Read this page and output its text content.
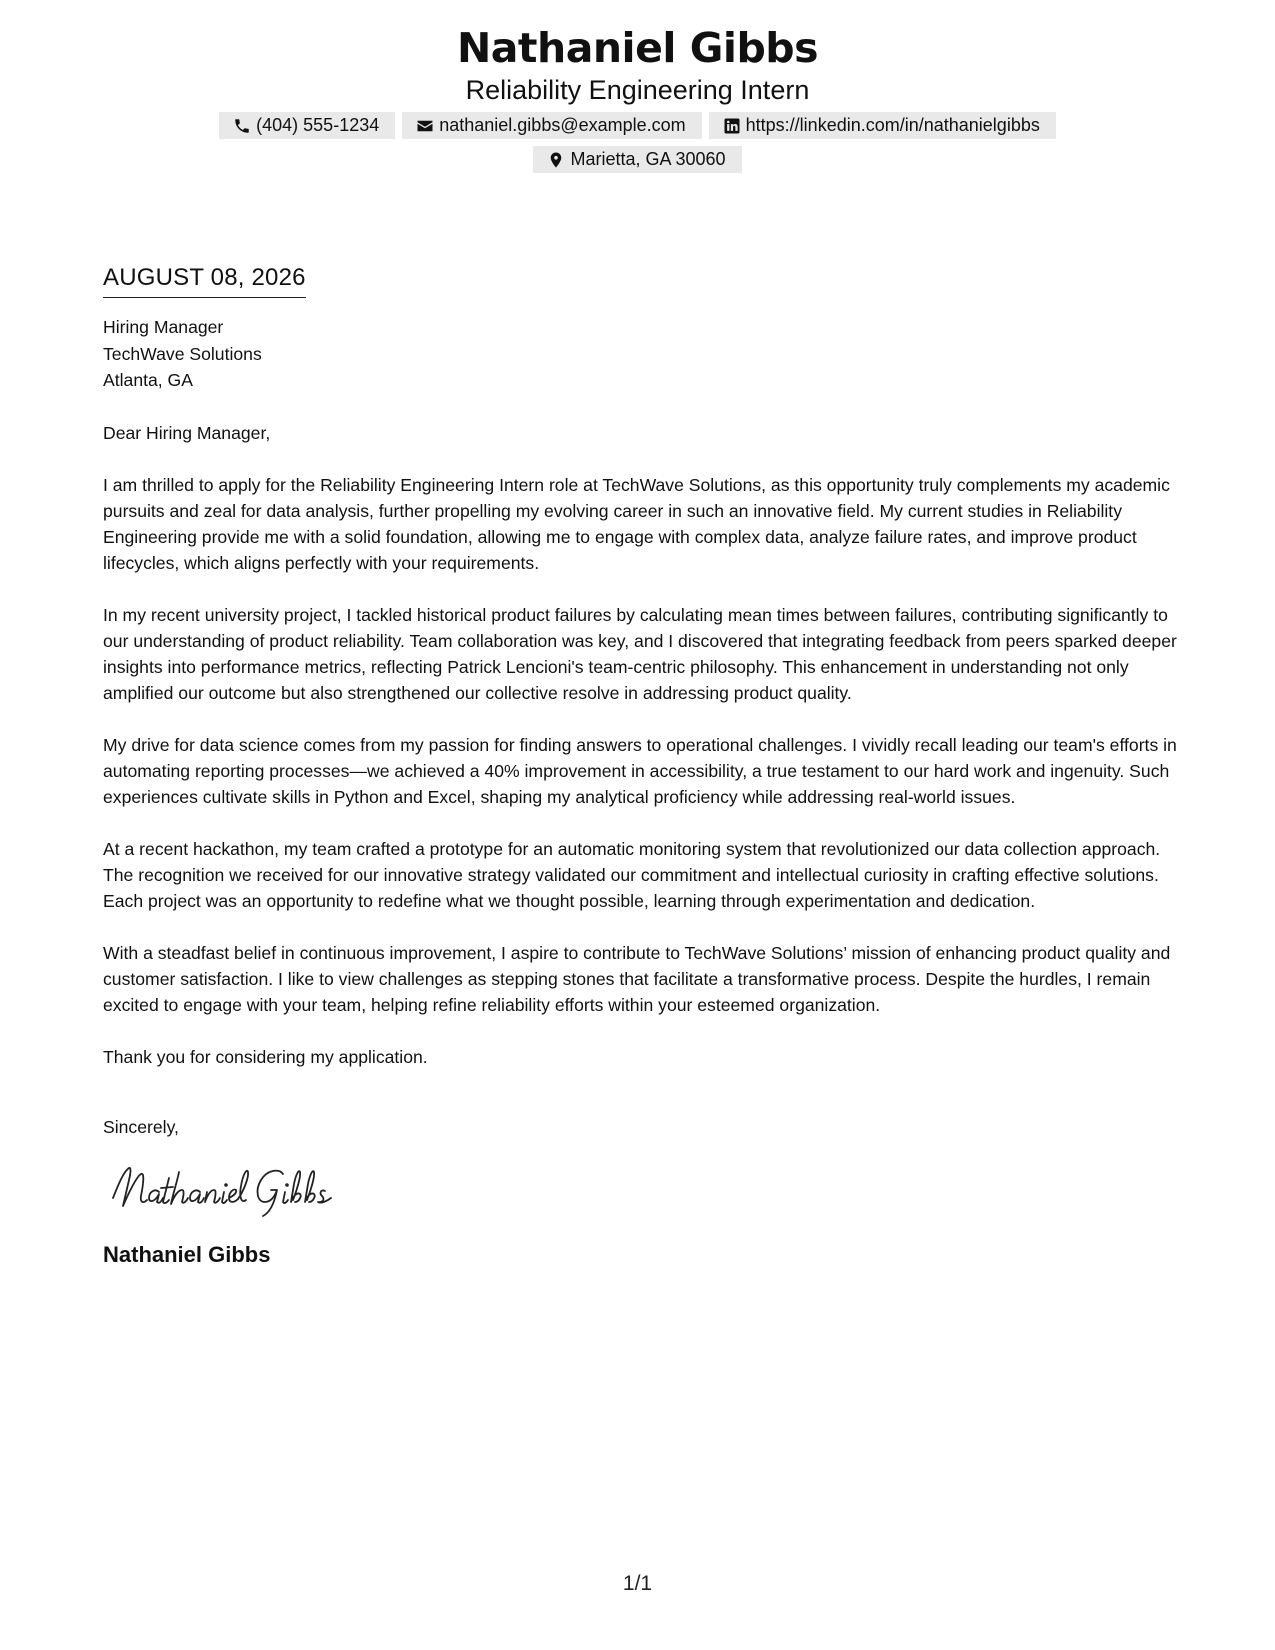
Nathaniel Gibbs
Reliability Engineering Intern
(404) 555-1234	nathaniel.gibbs@example.com	https://linkedin.com/in/nathanielgibbs
Marietta, GA 30060
AUGUST 08, 2026
Hiring Manager
TechWave Solutions
Atlanta, GA
Dear Hiring Manager,

I am thrilled to apply for the Reliability Engineering Intern role at TechWave Solutions, as this opportunity truly complements my academic pursuits and zeal for data analysis, further propelling my evolving career in such an innovative field. My current studies in Reliability Engineering provide me with a solid foundation, allowing me to engage with complex data, analyze failure rates, and improve product lifecycles, which aligns perfectly with your requirements.

In my recent university project, I tackled historical product failures by calculating mean times between failures, contributing significantly to our understanding of product reliability. Team collaboration was key, and I discovered that integrating feedback from peers sparked deeper insights into performance metrics, reflecting Patrick Lencioni's team-centric philosophy. This enhancement in understanding not only amplified our outcome but also strengthened our collective resolve in addressing product quality.

My drive for data science comes from my passion for finding answers to operational challenges. I vividly recall leading our team's efforts in automating reporting processes—we achieved a 40% improvement in accessibility, a true testament to our hard work and ingenuity. Such experiences cultivate skills in Python and Excel, shaping my analytical proficiency while addressing real-world issues.

At a recent hackathon, my team crafted a prototype for an automatic monitoring system that revolutionized our data collection approach. The recognition we received for our innovative strategy validated our commitment and intellectual curiosity in crafting effective solutions. Each project was an opportunity to redefine what we thought possible, learning through experimentation and dedication.

With a steadfast belief in continuous improvement, I aspire to contribute to TechWave Solutions’ mission of enhancing product quality and customer satisfaction. I like to view challenges as stepping stones that facilitate a transformative process. Despite the hurdles, I remain excited to engage with your team, helping refine reliability efforts within your esteemed organization.

Thank you for considering my application.
Sincerely,
Nathaniel Gibbs
1/1
